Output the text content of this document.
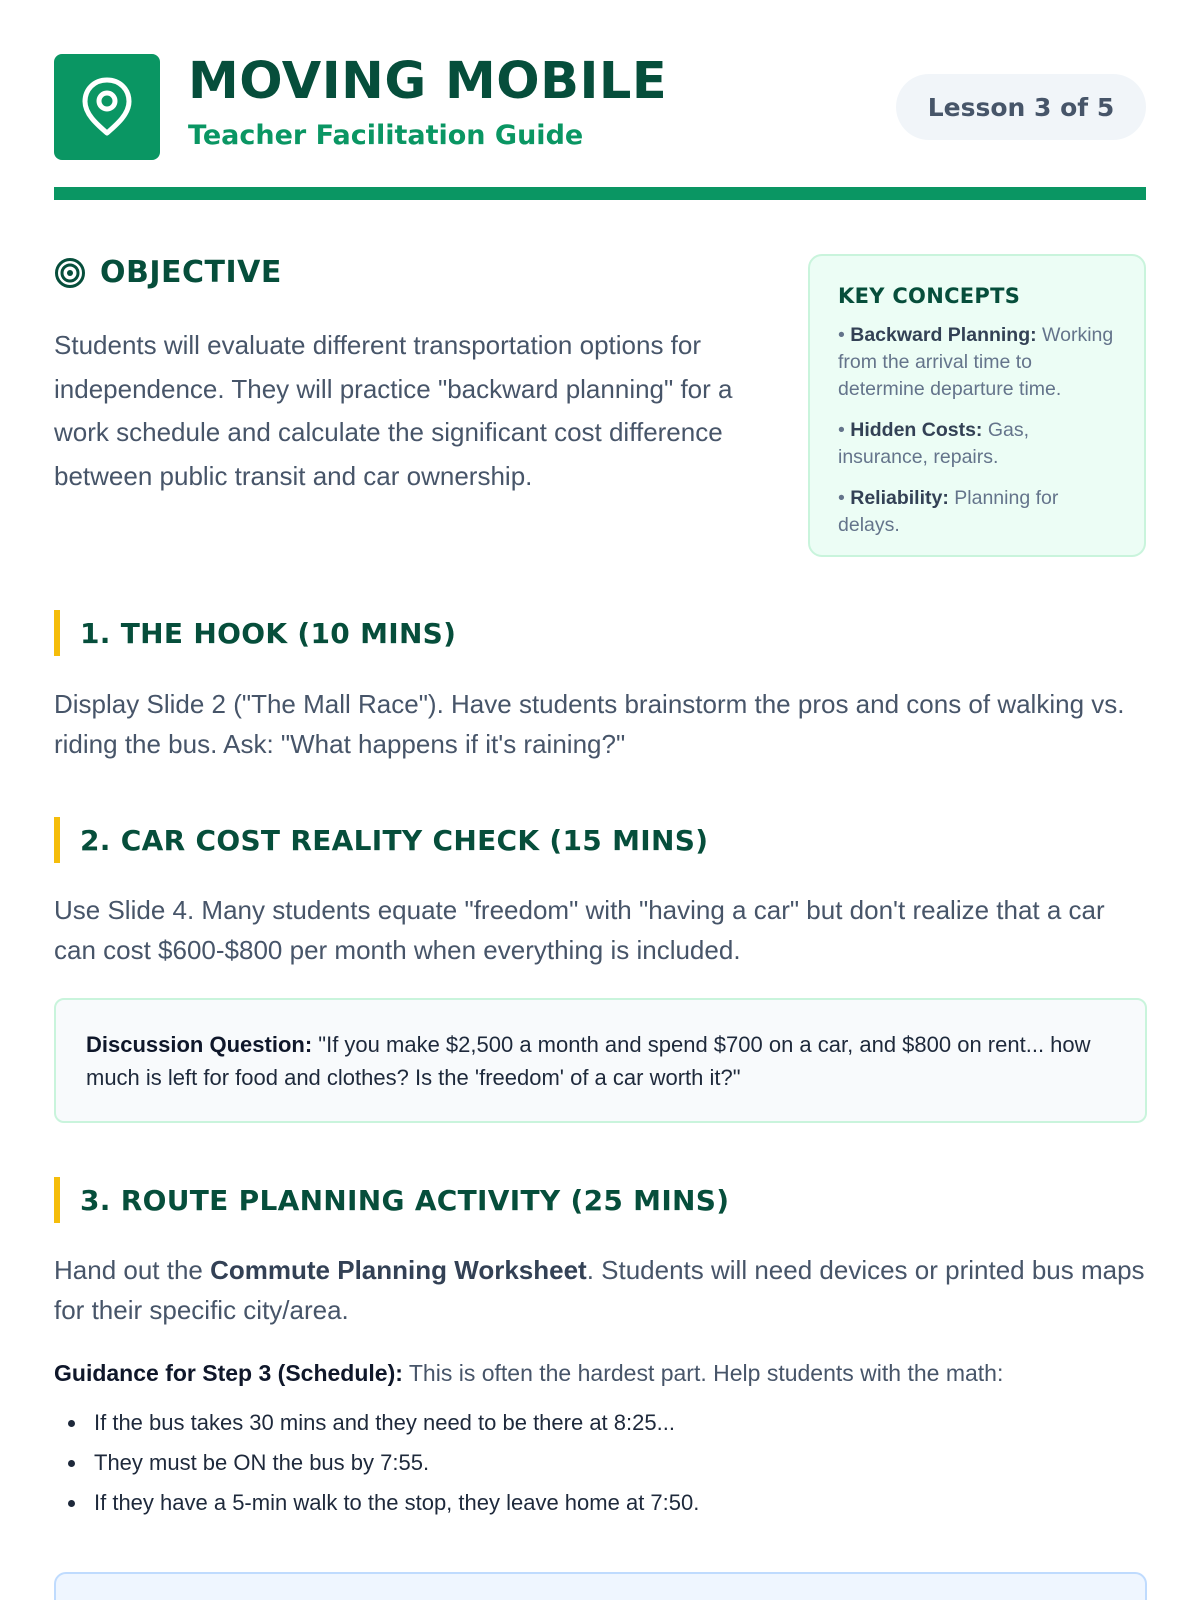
MOVING MOBILE
Teacher Facilitation Guide
Lesson 3 of 5
OBJECTIVE

Students will evaluate different transportation options for independence. They will practice "backward planning" for a work schedule and calculate the significant cost difference between public transit and car ownership.

KEY CONCEPTS
• Backward Planning: Working from the arrival time to determine departure time.
• Hidden Costs: Gas, insurance, repairs.
• Reliability: Planning for delays.
1. THE HOOK (10 MINS)

Display Slide 2 ("The Mall Race"). Have students brainstorm the pros and cons of walking vs. riding the bus. Ask: "What happens if it's raining?"

2. CAR COST REALITY CHECK (15 MINS)

Use Slide 4. Many students equate "freedom" with "having a car" but don't realize that a car can cost $600-$800 per month when everything is included.

Discussion Question: "If you make $2,500 a month and spend $700 on a car, and $800 on rent... how much is left for food and clothes? Is the 'freedom' of a car worth it?"
3. ROUTE PLANNING ACTIVITY (25 MINS)

Hand out the Commute Planning Worksheet. Students will need devices or printed bus maps for their specific city/area.

Guidance for Step 3 (Schedule): This is often the hardest part. Help students with the math:

If the bus takes 30 mins and they need to be there at 8:25...
They must be ON the bus by 7:55.
If they have a 5-min walk to the stop, they leave home at 7:50.
